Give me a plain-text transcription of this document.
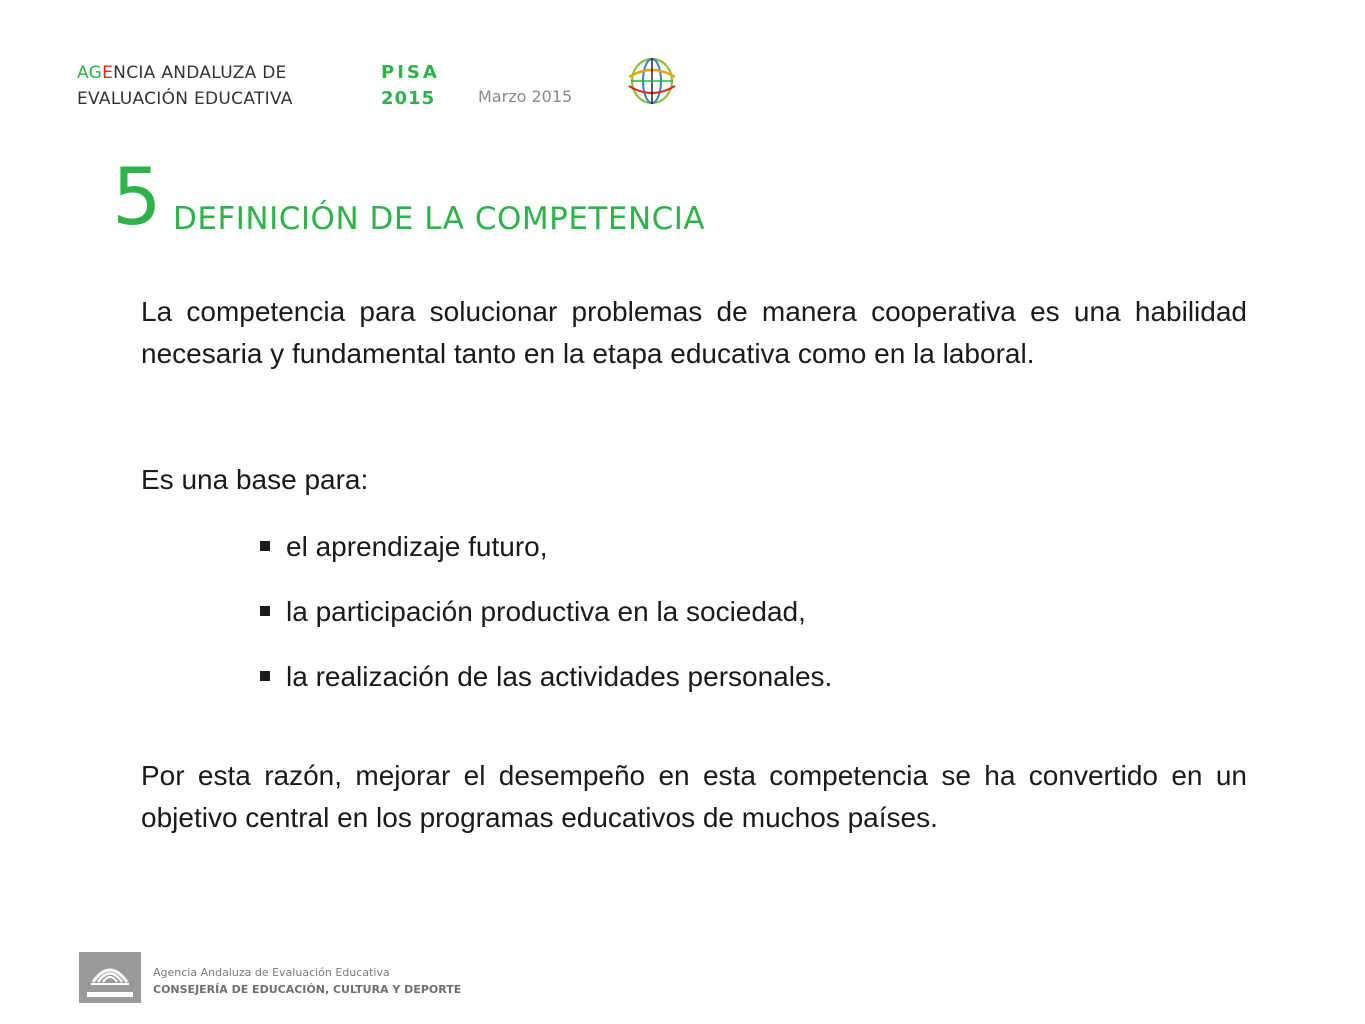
AGENCIA ANDALUZA DE
EVALUACIÓN EDUCATIVA
PISA
2015	Marzo 2015
5 DEFINICIÓN DE LA COMPETENCIA
La competencia para solucionar problemas de manera cooperativa es una habilidad necesaria y fundamental tanto en la etapa educativa como en la laboral.
Es una base para:
el aprendizaje futuro,
la participación productiva en la sociedad,
la realización de las actividades personales.
Por esta razón, mejorar el desempeño en esta competencia se ha convertido en un objetivo central en los programas educativos de muchos países.
Agencia Andaluza de Evaluación Educativa
CONSEJERÍA DE EDUCACIÓN, CULTURA Y DEPORTE
